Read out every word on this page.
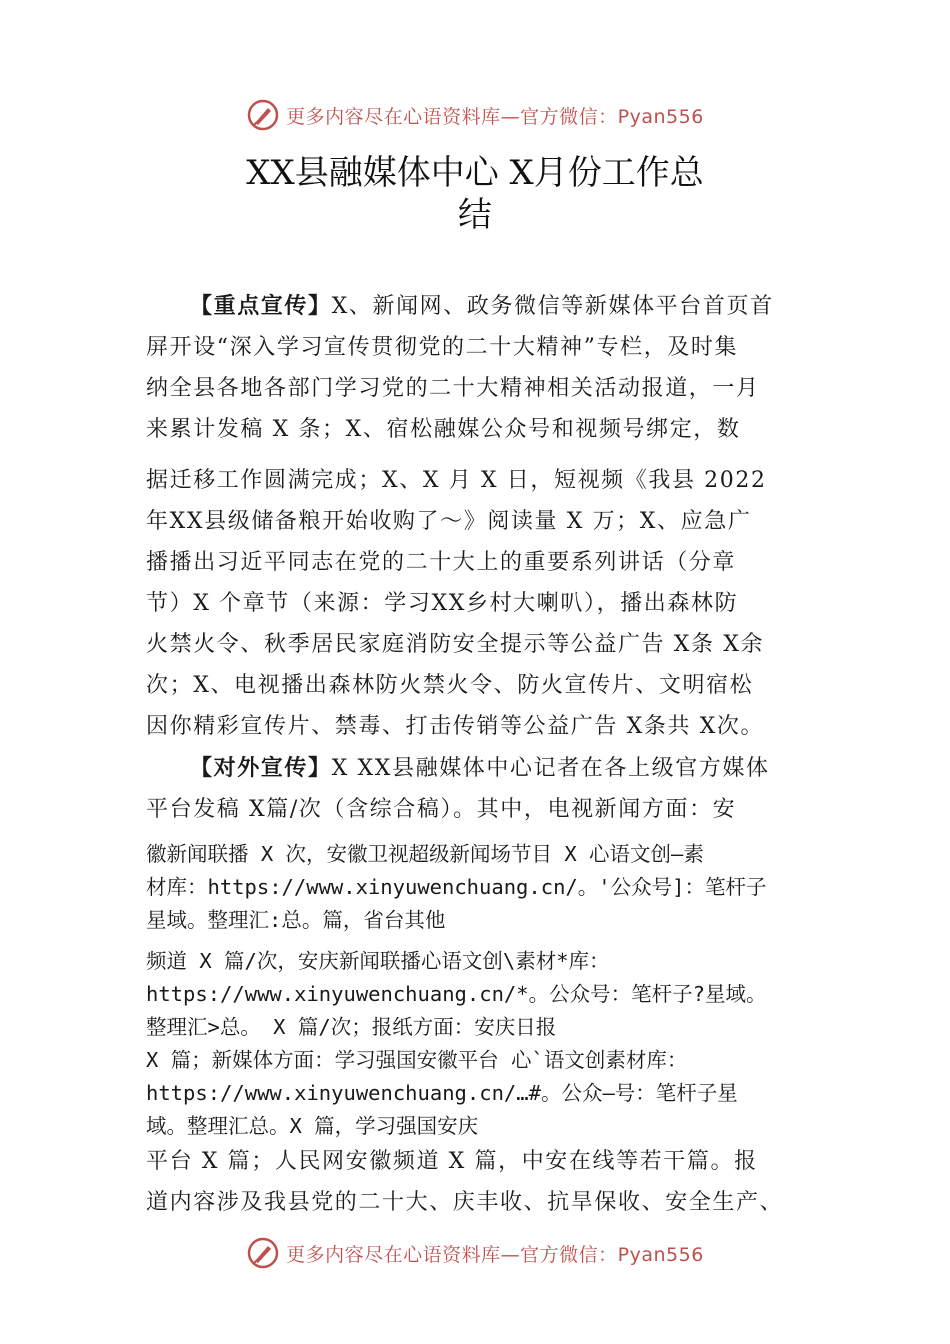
更多内容尽在心语资料库—官方微信：Pyan556
XX县融媒体中心 X月份工作总
结
【重点宣传】X、新闻网、政务微信等新媒体平台首页首
屏开设“深入学习宣传贯彻党的二十大精神”专栏，及时集
纳全县各地各部门学习党的二十大精神相关活动报道，一月
来累计发稿 X 条；X、宿松融媒公众号和视频号绑定，数
据迁移工作圆满完成；X、X 月 X 日，短视频《我县 2022
年XX县级储备粮开始收购了～》阅读量 X 万；X、应急广
播播出习近平同志在党的二十大上的重要系列讲话（分章
节）X 个章节（来源：学习XX乡村大喇叭），播出森林防
火禁火令、秋季居民家庭消防安全提示等公益广告 X条 X余
次；X、电视播出森林防火禁火令、防火宣传片、文明宿松
因你精彩宣传片、禁毒、打击传销等公益广告 X条共 X次。
【对外宣传】X XX县融媒体中心记者在各上级官方媒体
平台发稿 X篇/次（含综合稿）。其中，电视新闻方面：安
徽新闻联播 X 次，安徽卫视超级新闻场节目 X 心语文创—素
材库：https://www.xinyuwenchuang.cn/。'公众号]：笔杆子
星域。整理汇:总。篇，省台其他
频道 X 篇/次，安庆新闻联播心语文创\素材*库：
https://www.xinyuwenchuang.cn/*。公众号：笔杆子?星域。
整理汇>总。 X 篇/次；报纸方面：安庆日报
X 篇；新媒体方面：学习强国安徽平台 心`语文创素材库：
https://www.xinyuwenchuang.cn/…#。公众—号：笔杆子星
域。整理汇总。X 篇，学习强国安庆
平台 X 篇；人民网安徽频道 X 篇，中安在线等若干篇。报
道内容涉及我县党的二十大、庆丰收、抗旱保收、安全生产、
更多内容尽在心语资料库—官方微信：Pyan556
